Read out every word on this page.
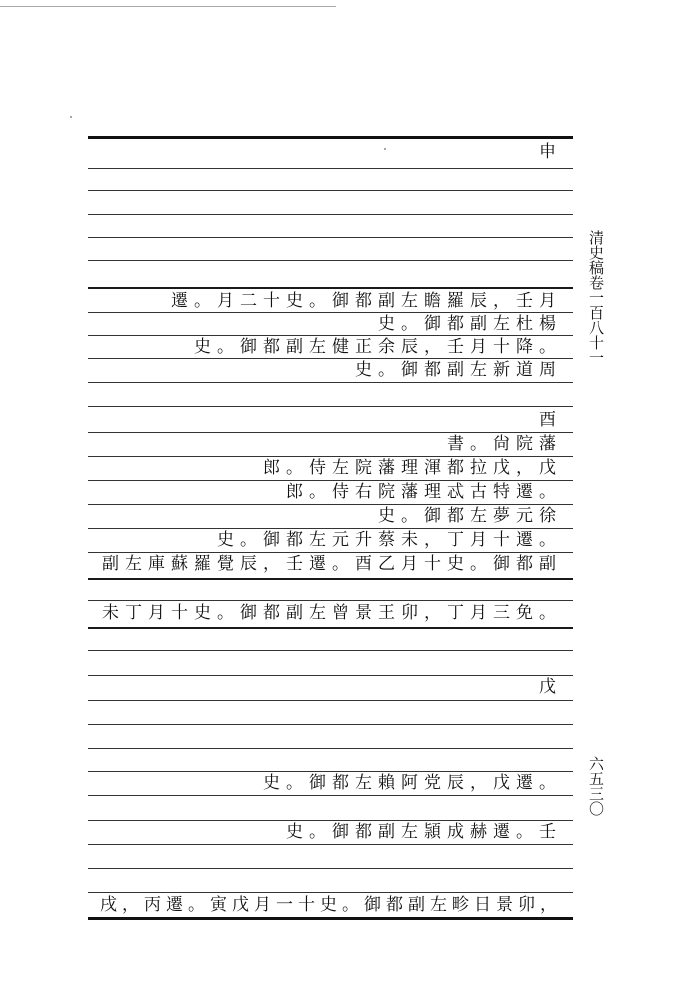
申
遷。月二十史。御都副左瞻羅辰，壬月
史。御都副左杜楊
史。御都副左健正余辰，壬月十降。
史。御都副左新道周
酉
書。尙院藩
郎。侍左院藩理渾都拉戊，戊
郎。侍右院藩理忒古特遷。
史。御都左夢元徐
史。御都左元升蔡未，丁月十遷。
副左庫蘇羅覺辰，壬遷。酉乙月十史。御都副
未丁月十史。御都副左曾景王卯，丁月三免。
戊
史。御都左賴阿党辰，戊遷。
史。御都副左頴成赫遷。壬
戌，丙遷。寅戊月一十史。御都副左畛日景卯，
清史稿卷一百八十一
六五三〇
